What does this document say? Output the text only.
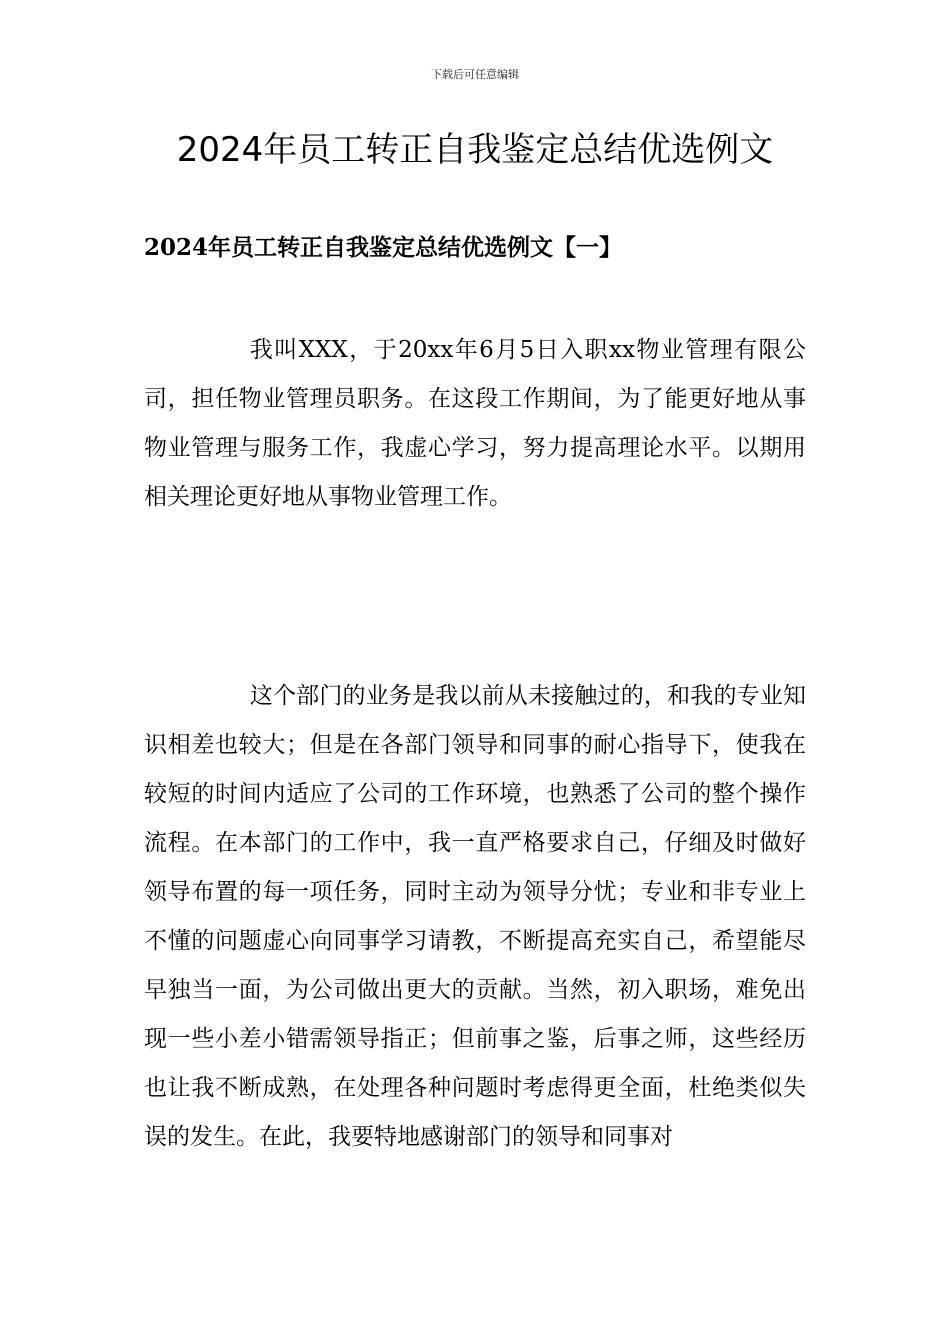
下载后可任意编辑
2024年员工转正自我鉴定总结优选例文
2024年员工转正自我鉴定总结优选例文【一】

我叫XXX，于20xx年6月5日入职xx物业管理有限公司，担任物业管理员职务。在这段工作期间，为了能更好地从事物业管理与服务工作，我虚心学习，努力提高理论水平。以期用相关理论更好地从事物业管理工作。

这个部门的业务是我以前从未接触过的，和我的专业知识相差也较大；但是在各部门领导和同事的耐心指导下，使我在较短的时间内适应了公司的工作环境，也熟悉了公司的整个操作流程。在本部门的工作中，我一直严格要求自己，仔细及时做好领导布置的每一项任务，同时主动为领导分忧；专业和非专业上不懂的问题虚心向同事学习请教，不断提高充实自己，希望能尽早独当一面，为公司做出更大的贡献。当然，初入职场，难免出现一些小差小错需领导指正；但前事之鉴，后事之师，这些经历也让我不断成熟，在处理各种问题时考虑得更全面，杜绝类似失误的发生。在此，我要特地感谢部门的领导和同事对
